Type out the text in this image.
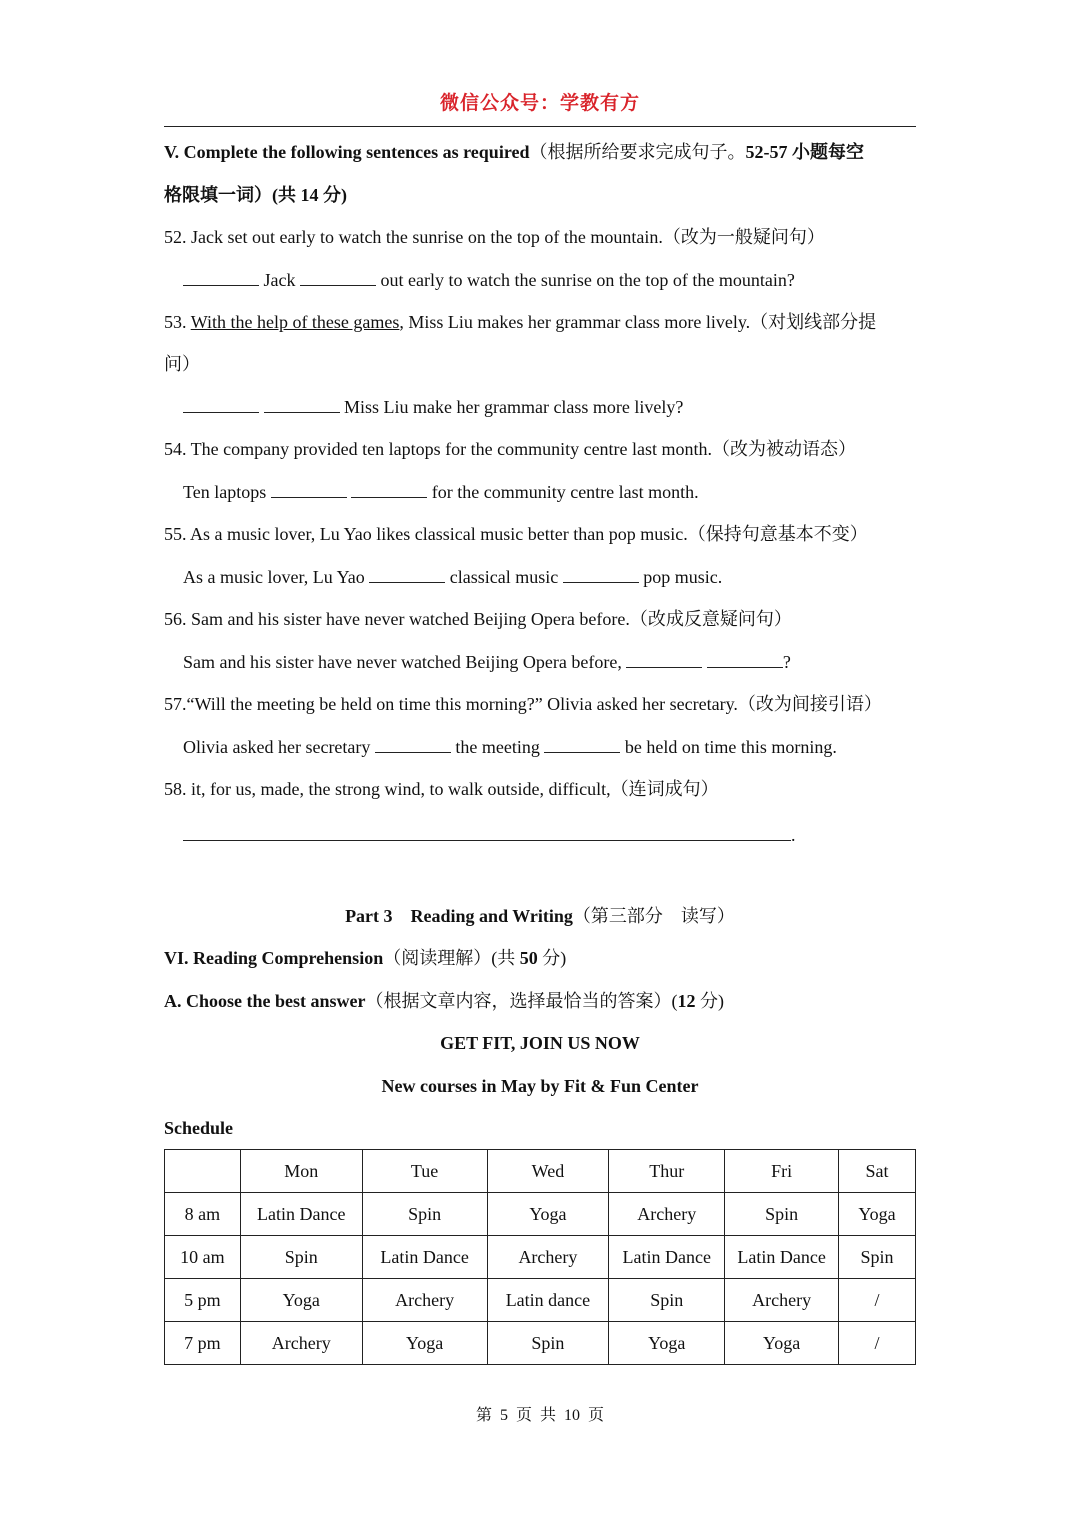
微信公众号：学教有方
V. Complete the following sentences as required（根据所给要求完成句子。52-57 小题每空
格限填一词）(共 14 分)
52. Jack set out early to watch the sunrise on the top of the mountain.（改为一般疑问句）
Jack	out early to watch the sunrise on the top of the mountain?
53. With the help of these games, Miss Liu makes her grammar class more lively.（对划线部分提
问）
Miss Liu make her grammar class more lively?
54. The company provided ten laptops for the community centre last month.（改为被动语态）
Ten laptops	for the community centre last month.
55. As a music lover, Lu Yao likes classical music better than pop music.（保持句意基本不变）
As a music lover, Lu Yao	classical music	pop music.
56. Sam and his sister have never watched Beijing Opera before.（改成反意疑问句）
Sam and his sister have never watched Beijing Opera before,	?
57.“Will the meeting be held on time this morning?” Olivia asked her secretary.（改为间接引语）
Olivia asked her secretary	the meeting	be held on time this morning.
58. it, for us, made, the strong wind, to walk outside, difficult,（连词成句）
.
Part 3    Reading and Writing（第三部分    读写）
VI. Reading Comprehension（阅读理解）(共 50 分)
A. Choose the best answer（根据文章内容，选择最恰当的答案）(12 分)
GET FIT, JOIN US NOW
New courses in May by Fit & Fun Center
Schedule
	Mon	Tue	Wed	Thur	Fri	Sat
8 am	Latin Dance	Spin	Yoga	Archery	Spin	Yoga
10 am	Spin	Latin Dance	Archery	Latin Dance	Latin Dance	Spin
5 pm	Yoga	Archery	Latin dance	Spin	Archery	/
7 pm	Archery	Yoga	Spin	Yoga	Yoga	/
第  5  页  共  10  页
